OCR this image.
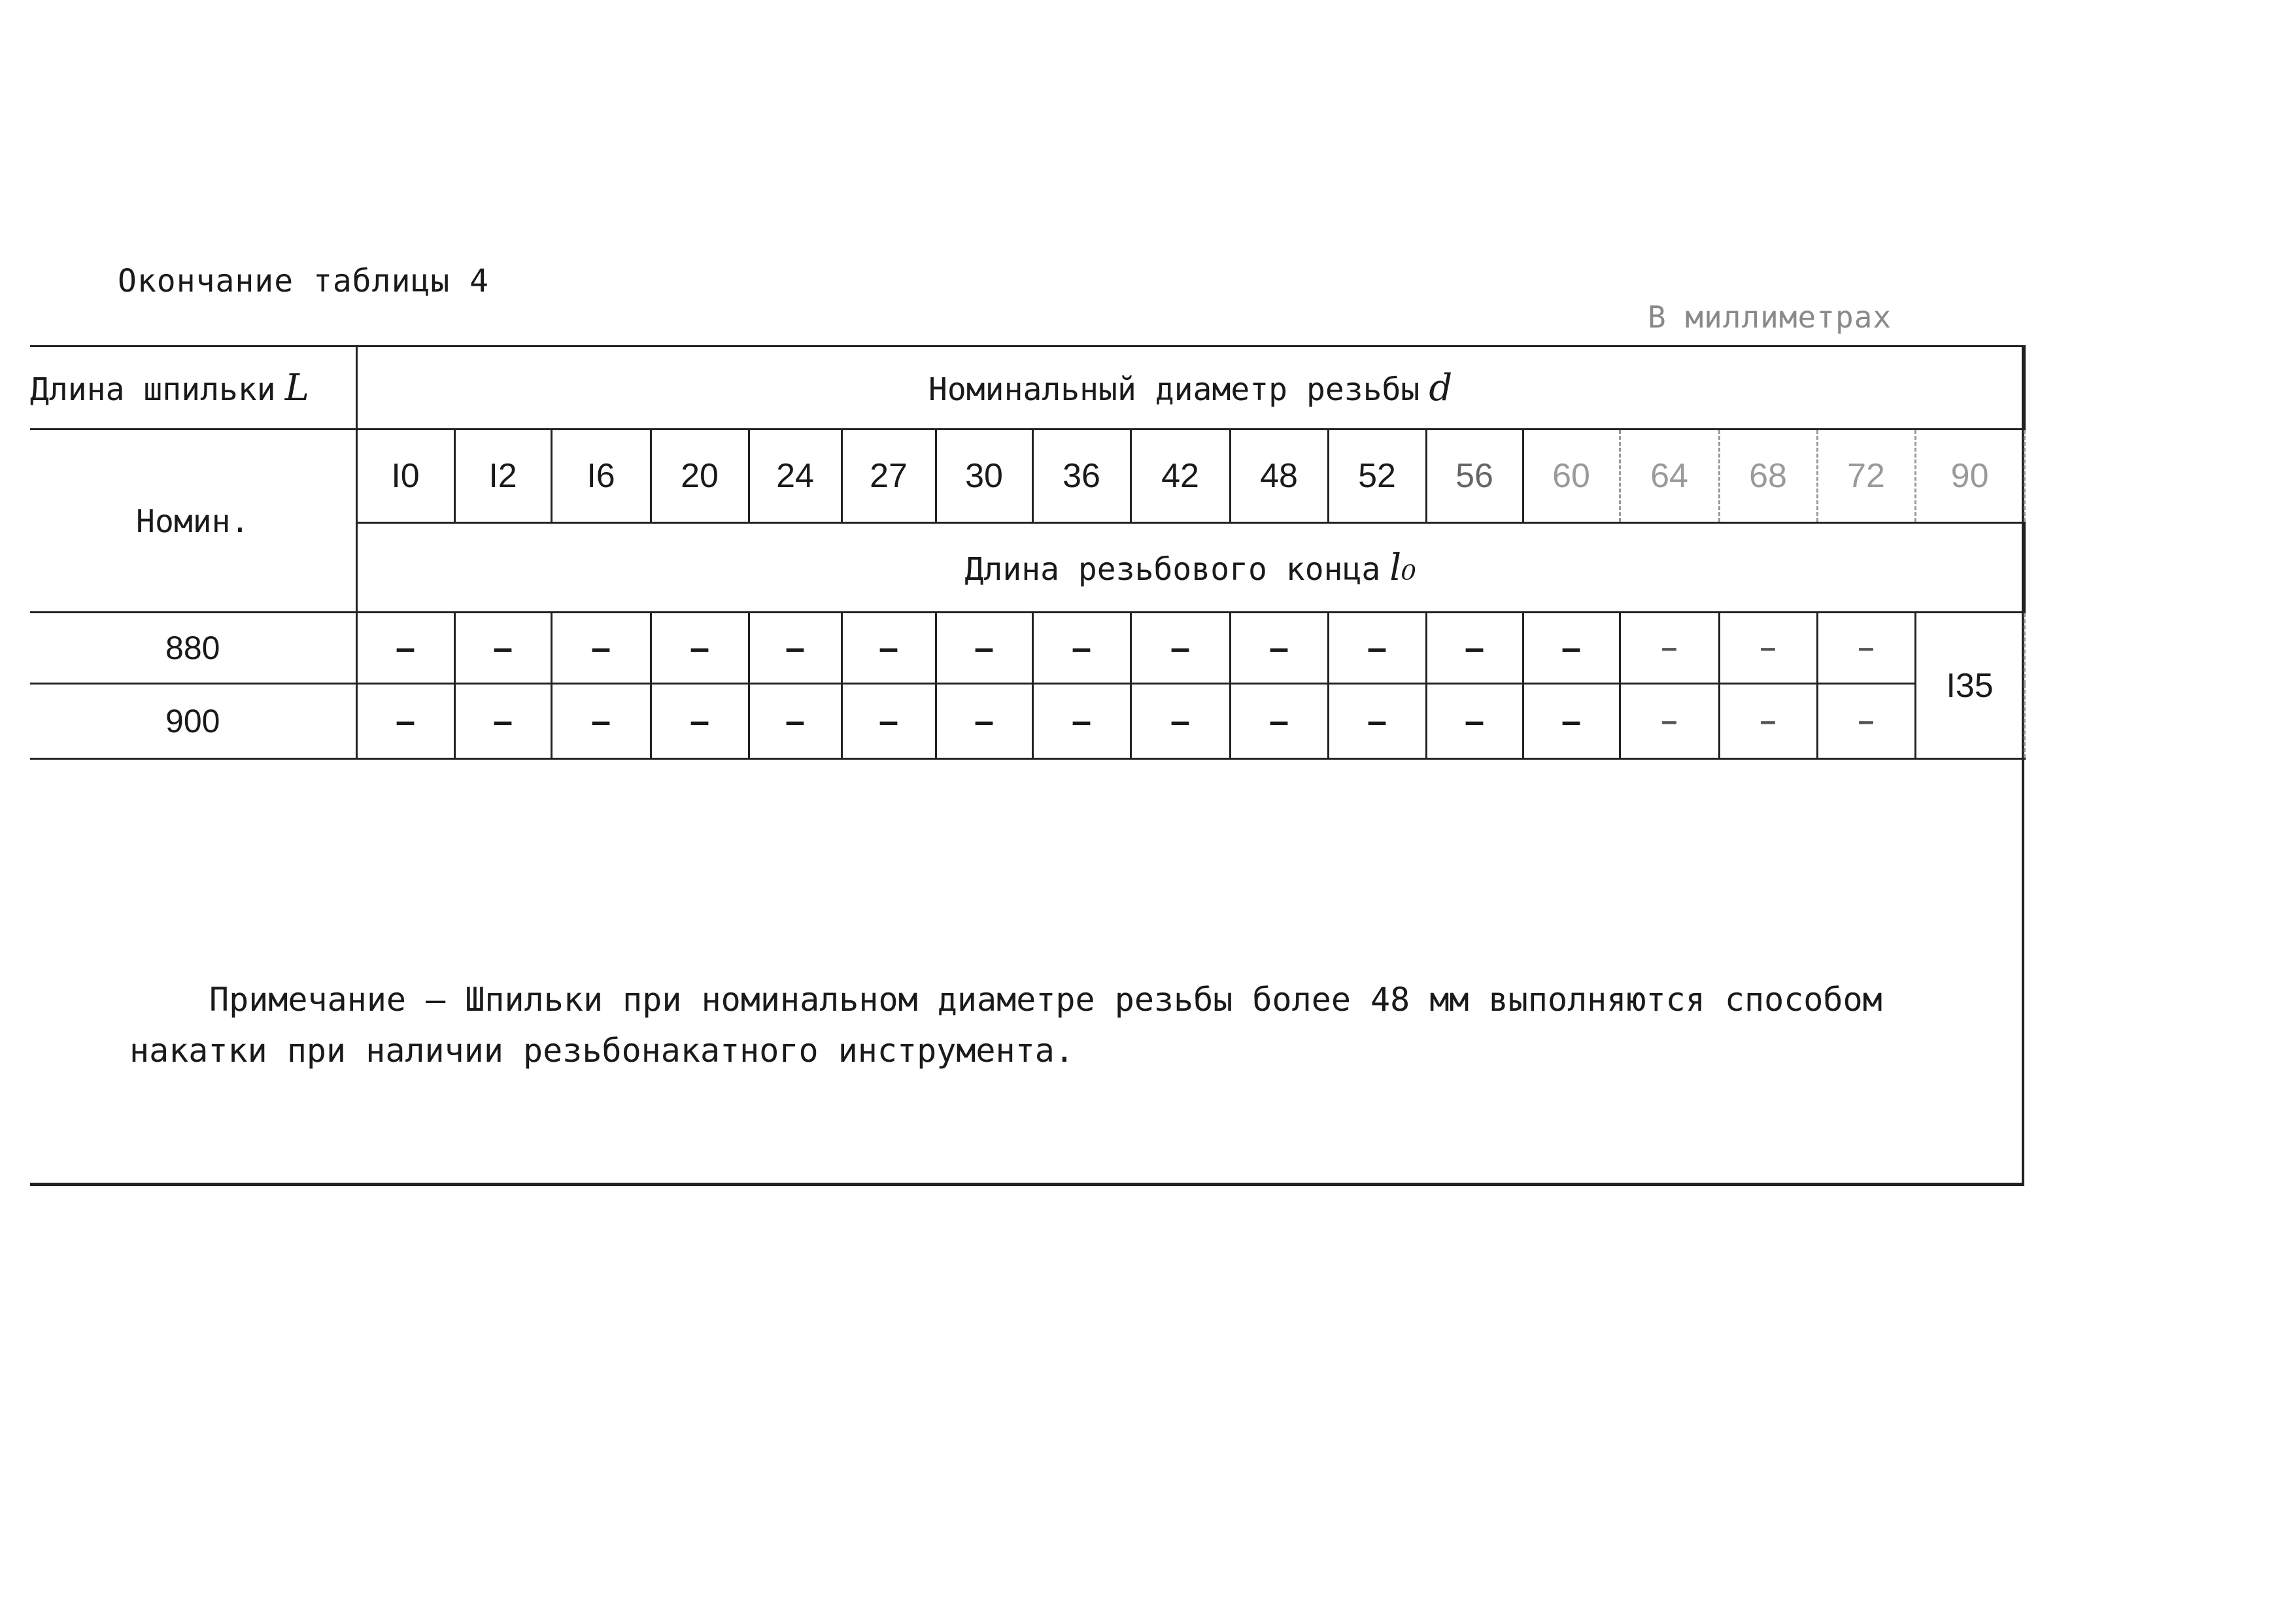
Окончание таблицы 4
В миллиметрах
Длина шпильки L	Номинальный диаметр резьбы d																
Номин.	I0	I2	I6	20	24	27	30	36	42	48	52	56	60	64	68	72	90
	Длина резьбового конца l₀																
880	–	–	–	–	–	–	–	–	–	–	–	–	–	–	–	–	I35
900	–	–	–	–	–	–	–	–	–	–	–	–	–	–	–	–	
Примечание – Шпильки при номинальном диаметре резьбы более 48 мм выполняются способом
накатки при наличии резьбонакатного инструмента.
